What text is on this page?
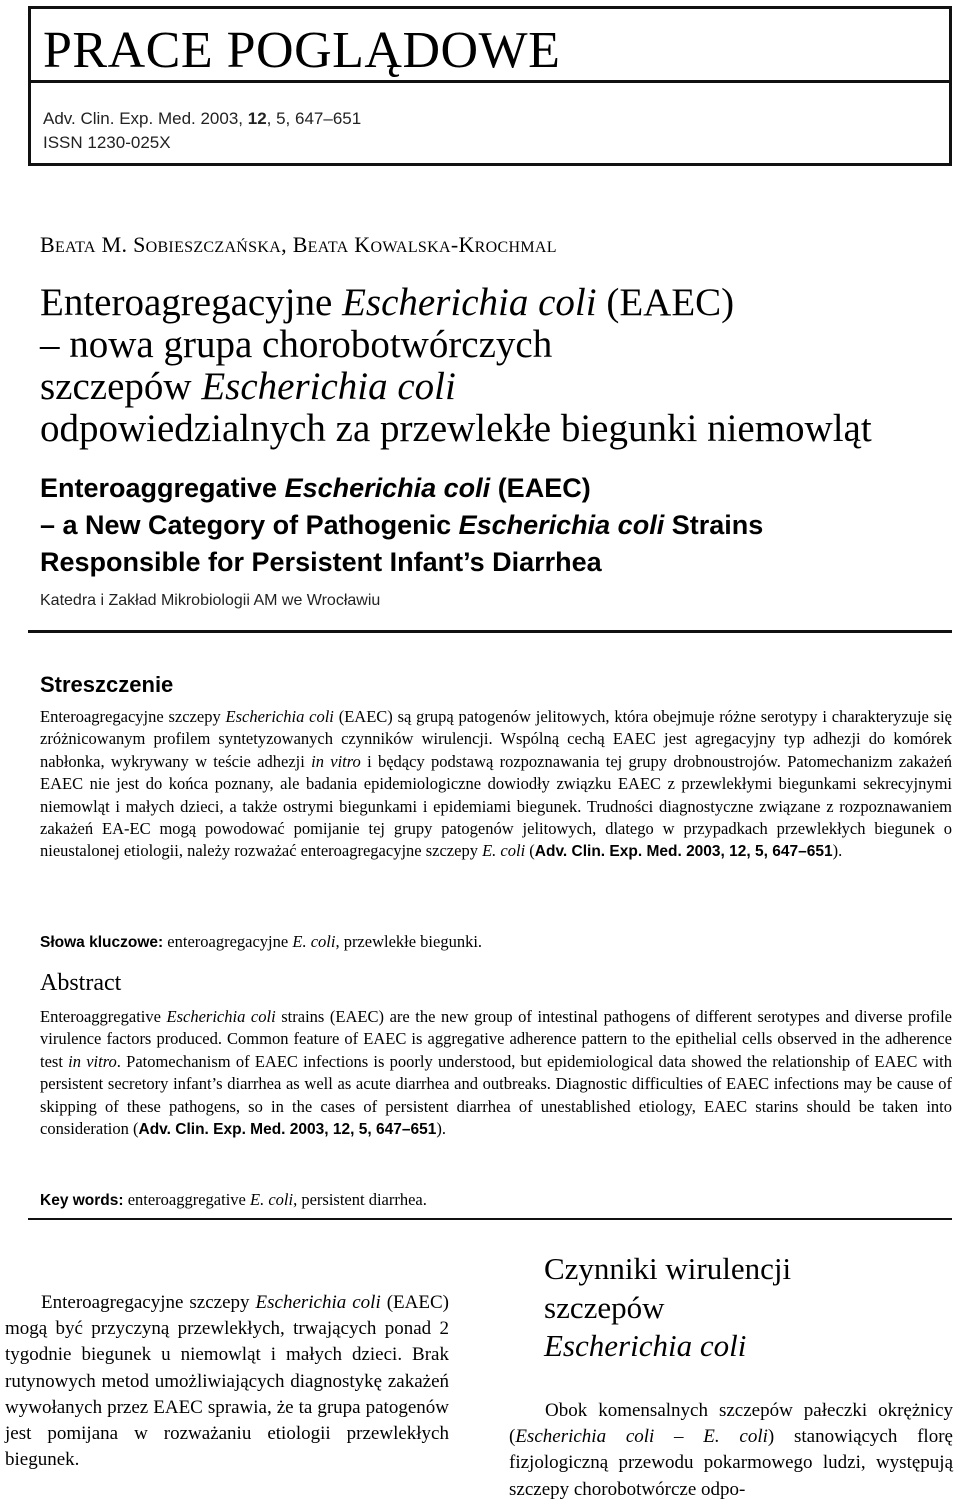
PRACE POGLĄDOWE
Adv. Clin. Exp. Med. 2003, 12, 5, 647–651
ISSN 1230-025X
BEATA M. SOBIESZCZAŃSKA, BEATA KOWALSKA-KROCHMAL
Enteroagregacyjne Escherichia coli (EAEC)
– nowa grupa chorobotwórczych
szczepów Escherichia coli
odpowiedzialnych za przewlekłe biegunki niemowląt
Enteroaggregative Escherichia coli (EAEC)
– a New Category of Pathogenic Escherichia coli Strains
Responsible for Persistent Infant’s Diarrhea
Katedra i Zakład Mikrobiologii AM we Wrocławiu
Streszczenie

Enteroagregacyjne szczepy Escherichia coli (EAEC) są grupą patogenów jelitowych, która obejmuje różne serotypy i charakteryzuje się zróżnicowanym profilem syntetyzowanych czynników wirulencji. Wspólną cechą EAEC jest agregacyjny typ adhezji do komórek nabłonka, wykrywany w teście adhezji in vitro i będący podstawą rozpoznawania tej grupy drobnoustrojów. Patomechanizm zakażeń EAEC nie jest do końca poznany, ale badania epidemiologiczne dowiodły związku EAEC z przewlekłymi biegunkami sekrecyjnymi niemowląt i małych dzieci, a także ostrymi biegunkami i epidemiami biegunek. Trudności diagnostyczne związane z rozpoznawaniem zakażeń EA-EC mogą powodować pomijanie tej grupy patogenów jelitowych, dlatego w przypadkach przewlekłych biegunek o nieustalonej etiologii, należy rozważać enteroagregacyjne szczepy E. coli (Adv. Clin. Exp. Med. 2003, 12, 5, 647–651).

Słowa kluczowe: enteroagregacyjne E. coli, przewlekłe biegunki.
Abstract

Enteroaggregative Escherichia coli strains (EAEC) are the new group of intestinal pathogens of different serotypes and diverse profile virulence factors produced. Common feature of EAEC is aggregative adherence pattern to the epithelial cells observed in the adherence test in vitro. Patomechanism of EAEC infections is poorly understood, but epidemiological data showed the relationship of EAEC with persistent secretory infant’s diarrhea as well as acute diarrhea and outbreaks. Diagnostic difficulties of EAEC infections may be cause of skipping of these pathogens, so in the cases of persistent diarrhea of unestablished etiology, EAEC starins should be taken into consideration (Adv. Clin. Exp. Med. 2003, 12, 5, 647–651).

Key words: enteroaggregative E. coli, persistent diarrhea.

Enteroagregacyjne szczepy Escherichia coli (EAEC) mogą być przyczyną przewlekłych, trwających ponad 2 tygodnie biegunek u niemowląt i małych dzieci. Brak rutynowych metod umożliwiających diagnostykę zakażeń wywołanych przez EAEC sprawia, że ta grupa patogenów jest pomijana w rozważaniu etiologii przewlekłych biegunek.

Czynniki wirulencji
szczepów
Escherichia coli

Obok komensalnych szczepów pałeczki okrężnicy (Escherichia coli – E. coli) stanowiących florę fizjologiczną przewodu pokarmowego ludzi, występują szczepy chorobotwórcze odpo-
